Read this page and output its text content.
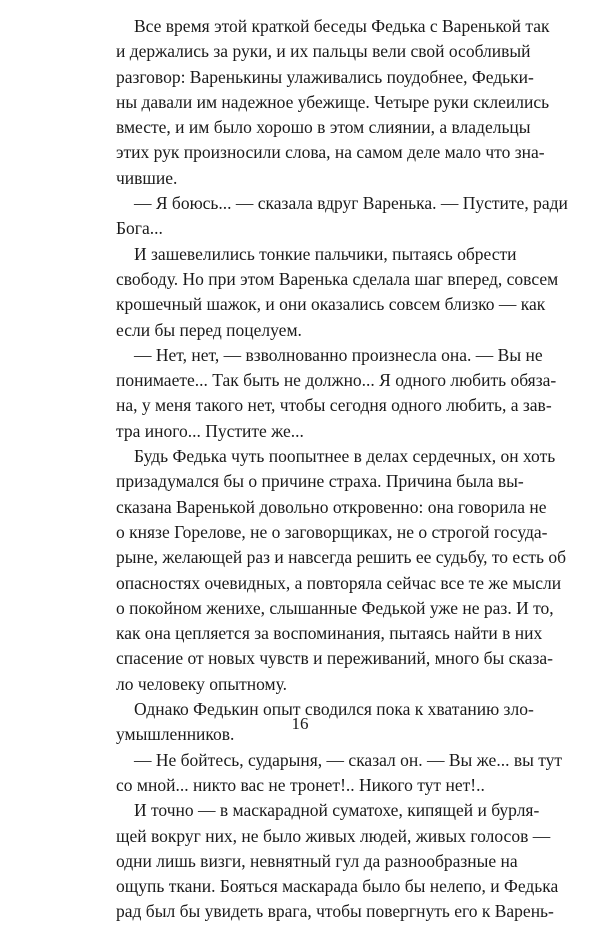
Все время этой краткой беседы Федька с Варенькой так
и держались за руки, и их пальцы вели свой особливый
разговор: Варенькины улаживались поудобнее, Федьки-
ны давали им надежное убежище. Четыре руки склеились
вместе, и им было хорошо в этом слиянии, а владельцы
этих рук произносили слова, на самом деле мало что зна-
чившие.
— Я боюсь... — сказала вдруг Варенька. — Пустите, ради
Бога...
И зашевелились тонкие пальчики, пытаясь обрести
свободу. Но при этом Варенька сделала шаг вперед, совсем
крошечный шажок, и они оказались совсем близко — как
если бы перед поцелуем.
— Нет, нет, — взволнованно произнесла она. — Вы не
понимаете... Так быть не должно... Я одного любить обяза-
на, у меня такого нет, чтобы сегодня одного любить, а зав-
тра иного... Пустите же...
Будь Федька чуть поопытнее в делах сердечных, он хоть
призадумался бы о причине страха. Причина была вы-
сказана Варенькой довольно откровенно: она говорила не
о князе Горелове, не о заговорщиках, не о строгой госуда-
рыне, желающей раз и навсегда решить ее судьбу, то есть об
опасностях очевидных, а повторяла сейчас все те же мысли
о покойном женихе, слышанные Федькой уже не раз. И то,
как она цепляется за воспоминания, пытаясь найти в них
спасение от новых чувств и переживаний, много бы сказа-
ло человеку опытному.
Однако Федькин опыт сводился пока к хватанию зло-
умышленников.
— Не бойтесь, сударыня, — сказал он. — Вы же... вы тут
со мной... никто вас не тронет!.. Никого тут нет!..
И точно — в маскарадной суматохе, кипящей и бурля-
щей вокруг них, не было живых людей, живых голосов —
одни лишь визги, невнятный гул да разнообразные на
ощупь ткани. Бояться маскарада было бы нелепо, и Федька
рад был бы увидеть врага, чтобы повергнуть его к Варень-
16
